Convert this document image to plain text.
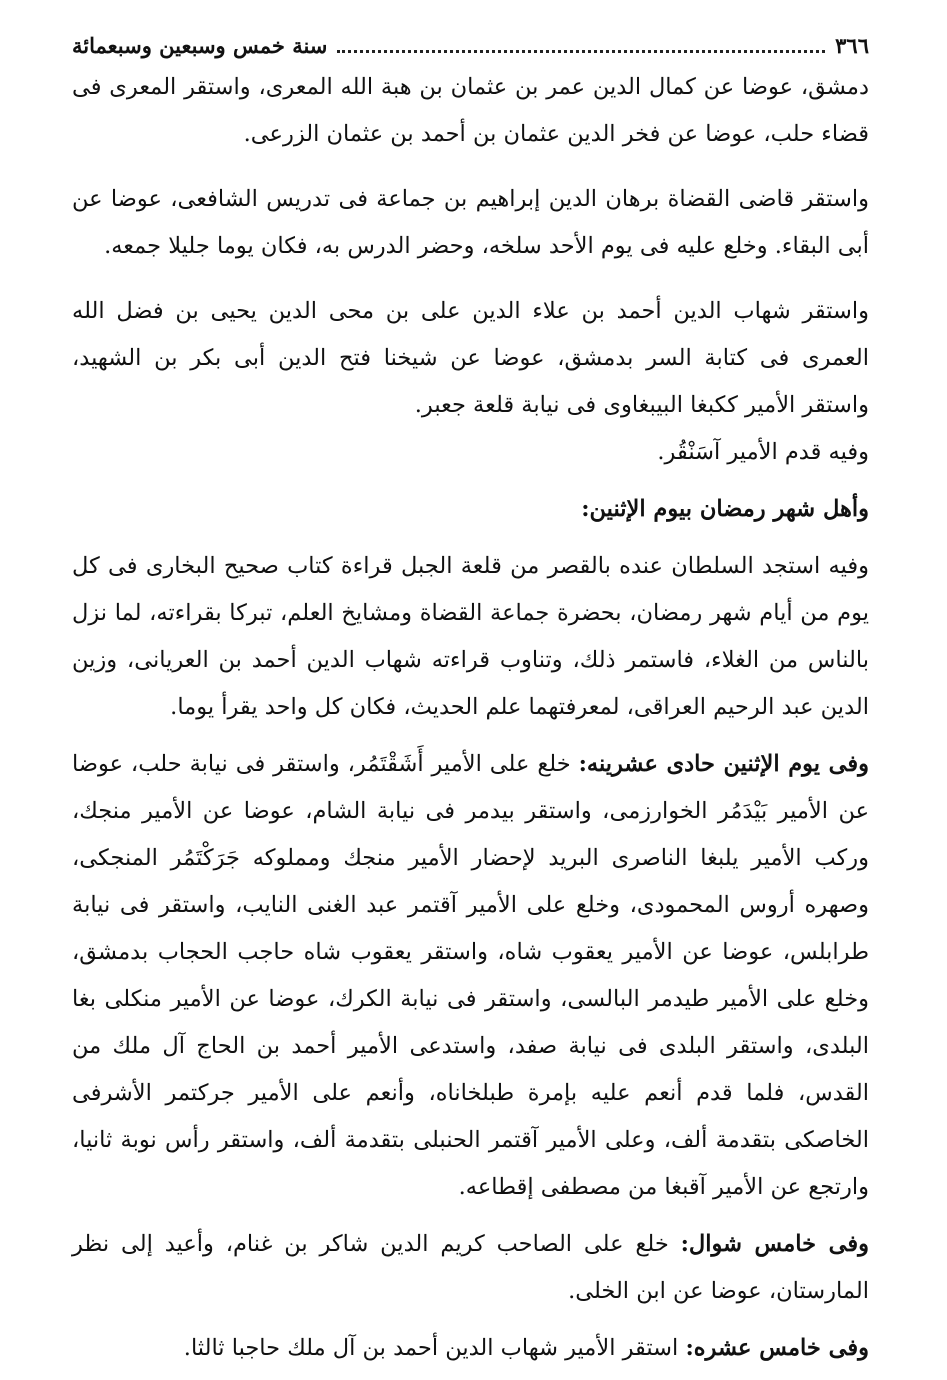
٣٦٦
سنة خمس وسبعين وسبعمائة

دمشق، عوضا عن كمال الدين عمر بن عثمان بن هبة الله المعرى، واستقر المعرى فى قضاء حلب، عوضا عن فخر الدين عثمان بن أحمد بن عثمان الزرعى.

واستقر قاضى القضاة برهان الدين إبراهيم بن جماعة فى تدريس الشافعى، عوضا عن أبى البقاء. وخلع عليه فى يوم الأحد سلخه، وحضر الدرس به، فكان يوما جليلا جمعه.

واستقر شهاب الدين أحمد بن علاء الدين على بن محى الدين يحيى بن فضل الله العمرى فى كتابة السر بدمشق، عوضا عن شيخنا فتح الدين أبى بكر بن الشهيد، واستقر الأمير ككبغا البيبغاوى فى نيابة قلعة جعبر.

وفيه قدم الأمير آسَنْقُر.

وأهل شهر رمضان بيوم الإثنين:

وفيه استجد السلطان عنده بالقصر من قلعة الجبل قراءة كتاب صحيح البخارى فى كل يوم من أيام شهر رمضان، بحضرة جماعة القضاة ومشايخ العلم، تبركا بقراءته، لما نزل بالناس من الغلاء، فاستمر ذلك، وتناوب قراءته شهاب الدين أحمد بن العريانى، وزين الدين عبد الرحيم العراقى، لمعرفتهما علم الحديث، فكان كل واحد يقرأ يوما.

وفى يوم الإثنين حادى عشرينه: خلع على الأمير أَشَقْتَمُر، واستقر فى نيابة حلب، عوضا عن الأمير بَيْدَمُر الخوارزمى، واستقر بيدمر فى نيابة الشام، عوضا عن الأمير منجك، وركب الأمير يلبغا الناصرى البريد لإحضار الأمير منجك ومملوكه جَرَكْتَمُر المنجكى، وصهره أروس المحمودى، وخلع على الأمير آقتمر عبد الغنى النايب، واستقر فى نيابة طرابلس، عوضا عن الأمير يعقوب شاه، واستقر يعقوب شاه حاجب الحجاب بدمشق، وخلع على الأمير طيدمر البالسى، واستقر فى نيابة الكرك، عوضا عن الأمير منكلى بغا البلدى، واستقر البلدى فى نيابة صفد، واستدعى الأمير أحمد بن الحاج آل ملك من القدس، فلما قدم أنعم عليه بإمرة طبلخاناه، وأنعم على الأمير جركتمر الأشرفى الخاصكى بتقدمة ألف، وعلى الأمير آقتمر الحنبلى بتقدمة ألف، واستقر رأس نوبة ثانيا، وارتجع عن الأمير آقبغا من مصطفى إقطاعه.

وفى خامس شوال: خلع على الصاحب كريم الدين شاكر بن غنام، وأعيد إلى نظر المارستان، عوضا عن ابن الخلى.

وفى خامس عشره: استقر الأمير شهاب الدين أحمد بن آل ملك حاجبا ثالثا.
